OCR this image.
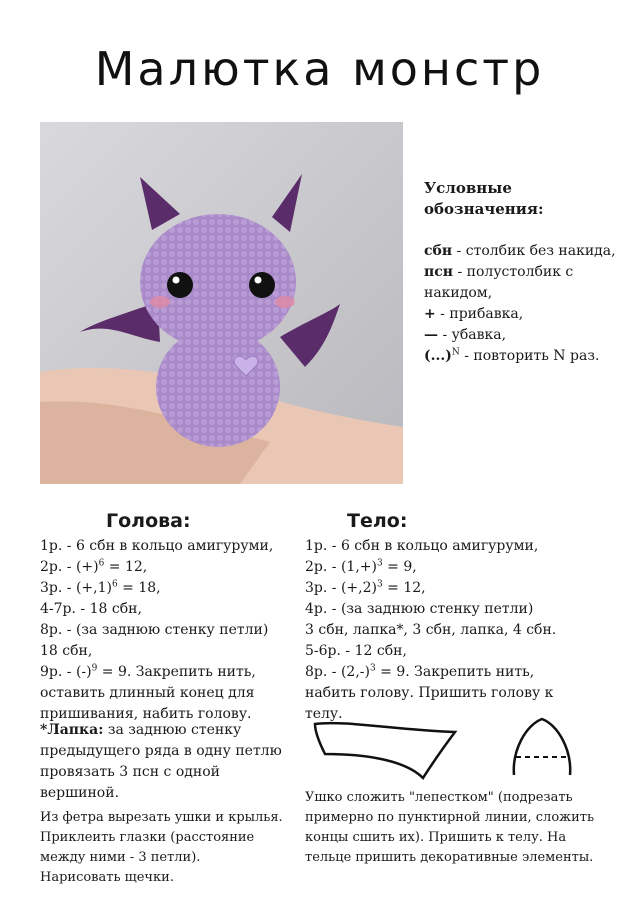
Малютка монстр
Условные обозначения:
сбн - столбик без накида,
псн - полустолбик с накидом,
+ - прибавка,
— - убавка,
(...)$^N$ - повторить N раз.
Голова:
1р. - 6 сбн в кольцо амигуруми,
2р. - $(+)^6 = 12$,
3р. - $(+,1)^6 = 18$,
4-7р. - 18 сбн,
8р. - (за заднюю стенку петли) 18 сбн,
9р. - $(-)^9 = 9$. Закрепить нить, оставить длинный конец для пришивания, набить голову.
Тело:
1р. - 6 сбн в кольцо амигуруми,
2р. - $(1,+)^3 = 9$,
3р. - $(+,2)^3 = 12$,
4р. - (за заднюю стенку петли)
3 сбн, лапка*, 3 сбн, лапка, 4 сбн.
5-6р. - 12 сбн,
8р. - $(2,-)^3 = 9$. Закрепить нить, набить голову. Пришить голову к телу.
*Лапка: за заднюю стенку предыдущего ряда в одну петлю провязать 3 псн с одной вершиной.
Из фетра вырезать ушки и крылья. Приклеить глазки (расстояние между ними - 3 петли). Нарисовать щечки.
Ушко сложить "лепестком" (подрезать примерно по пунктирной линии, сложить концы сшить их). Пришить к телу. На тельце пришить декоративные элементы.
